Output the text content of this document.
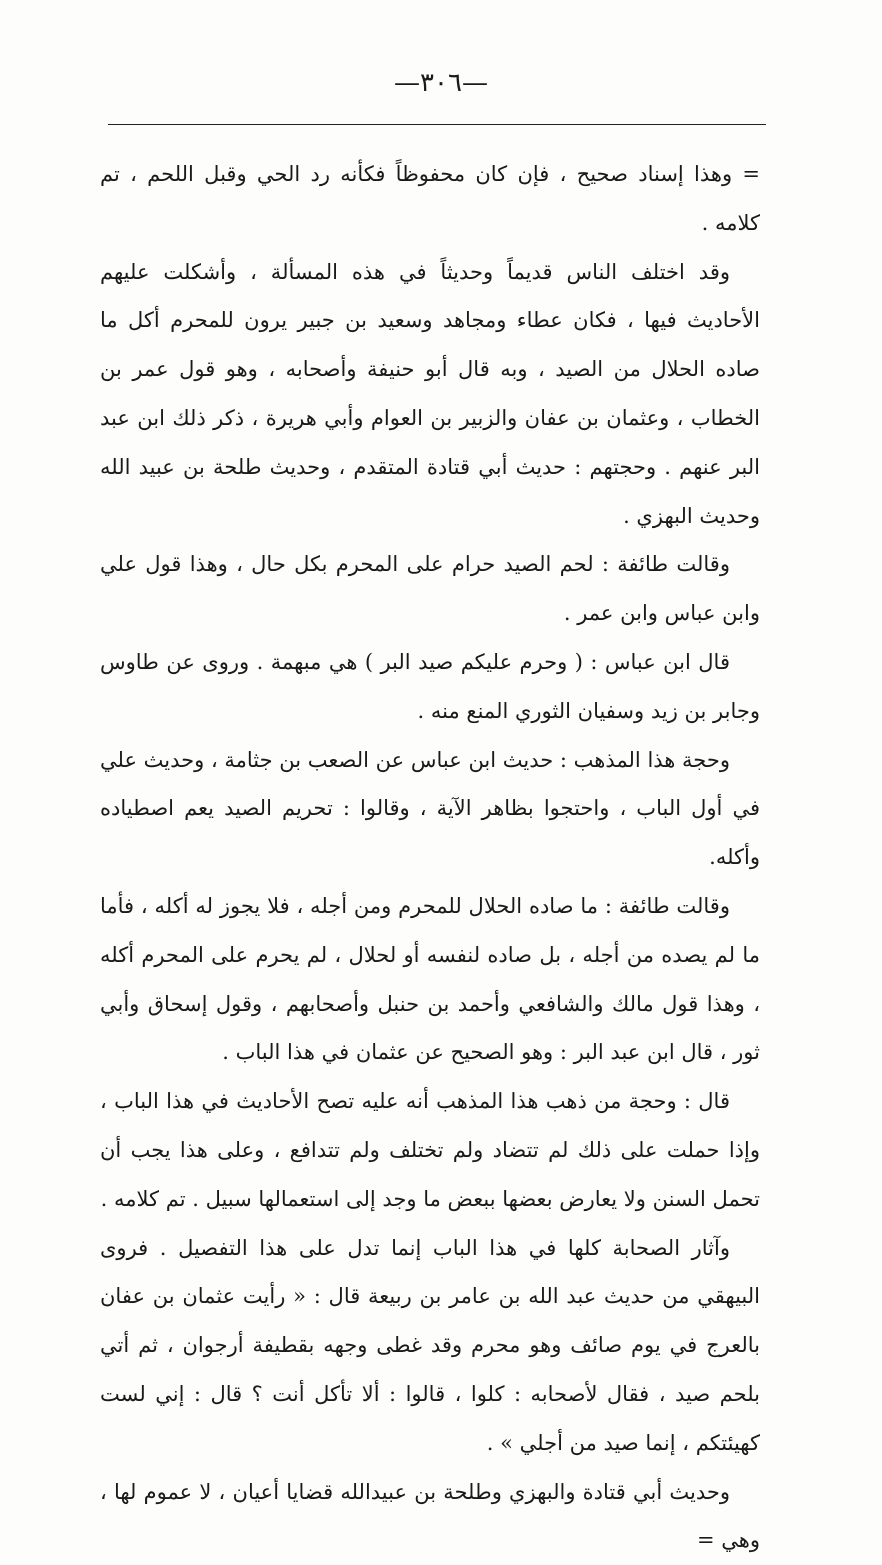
—٣٠٦—

= وهذا إسناد صحيح ، فإن كان محفوظاً فكأنه رد الحي وقبل اللحم ، تم كلامه .

وقد اختلف الناس قديماً وحديثاً في هذه المسألة ، وأشكلت عليهم الأحاديث فيها ، فكان عطاء ومجاهد وسعيد بن جبير يرون للمحرم أكل ما صاده الحلال من الصيد ، وبه قال أبو حنيفة وأصحابه ، وهو قول عمر بن الخطاب ، وعثمان بن عفان والزبير بن العوام وأبي هريرة ، ذكر ذلك ابن عبد البر عنهم . وحجتهم : حديث أبي قتادة المتقدم ، وحديث طلحة بن عبيد الله وحديث البهزي .

وقالت طائفة : لحم الصيد حرام على المحرم بكل حال ، وهذا قول علي وابن عباس وابن عمر .

قال ابن عباس : ( وحرم عليكم صيد البر ) هي مبهمة . وروى عن طاوس وجابر بن زيد وسفيان الثوري المنع منه .

وحجة هذا المذهب : حديث ابن عباس عن الصعب بن جثامة ، وحديث علي في أول الباب ، واحتجوا بظاهر الآية ، وقالوا : تحريم الصيد يعم اصطياده وأكله.

وقالت طائفة : ما صاده الحلال للمحرم ومن أجله ، فلا يجوز له أكله ، فأما ما لم يصده من أجله ، بل صاده لنفسه أو لحلال ، لم يحرم على المحرم أكله ، وهذا قول مالك والشافعي وأحمد بن حنبل وأصحابهم ، وقول إسحاق وأبي ثور ، قال ابن عبد البر : وهو الصحيح عن عثمان في هذا الباب .

قال : وحجة من ذهب هذا المذهب أنه عليه تصح الأحاديث في هذا الباب ، وإذا حملت على ذلك لم تتضاد ولم تختلف ولم تتدافع ، وعلى هذا يجب أن تحمل السنن ولا يعارض بعضها ببعض ما وجد إلى استعمالها سبيل . تم كلامه .

وآثار الصحابة كلها في هذا الباب إنما تدل على هذا التفصيل . فروى البيهقي من حديث عبد الله بن عامر بن ربيعة قال : « رأيت عثمان بن عفان بالعرج في يوم صائف وهو محرم وقد غطى وجهه بقطيفة أرجوان ، ثم أتي بلحم صيد ، فقال لأصحابه : كلوا ، قالوا : ألا تأكل أنت ؟ قال : إني لست كهيئتكم ، إنما صيد من أجلي » .

وحديث أبي قتادة والبهزي وطلحة بن عبيدالله قضايا أعيان ، لا عموم لها ، وهي =
